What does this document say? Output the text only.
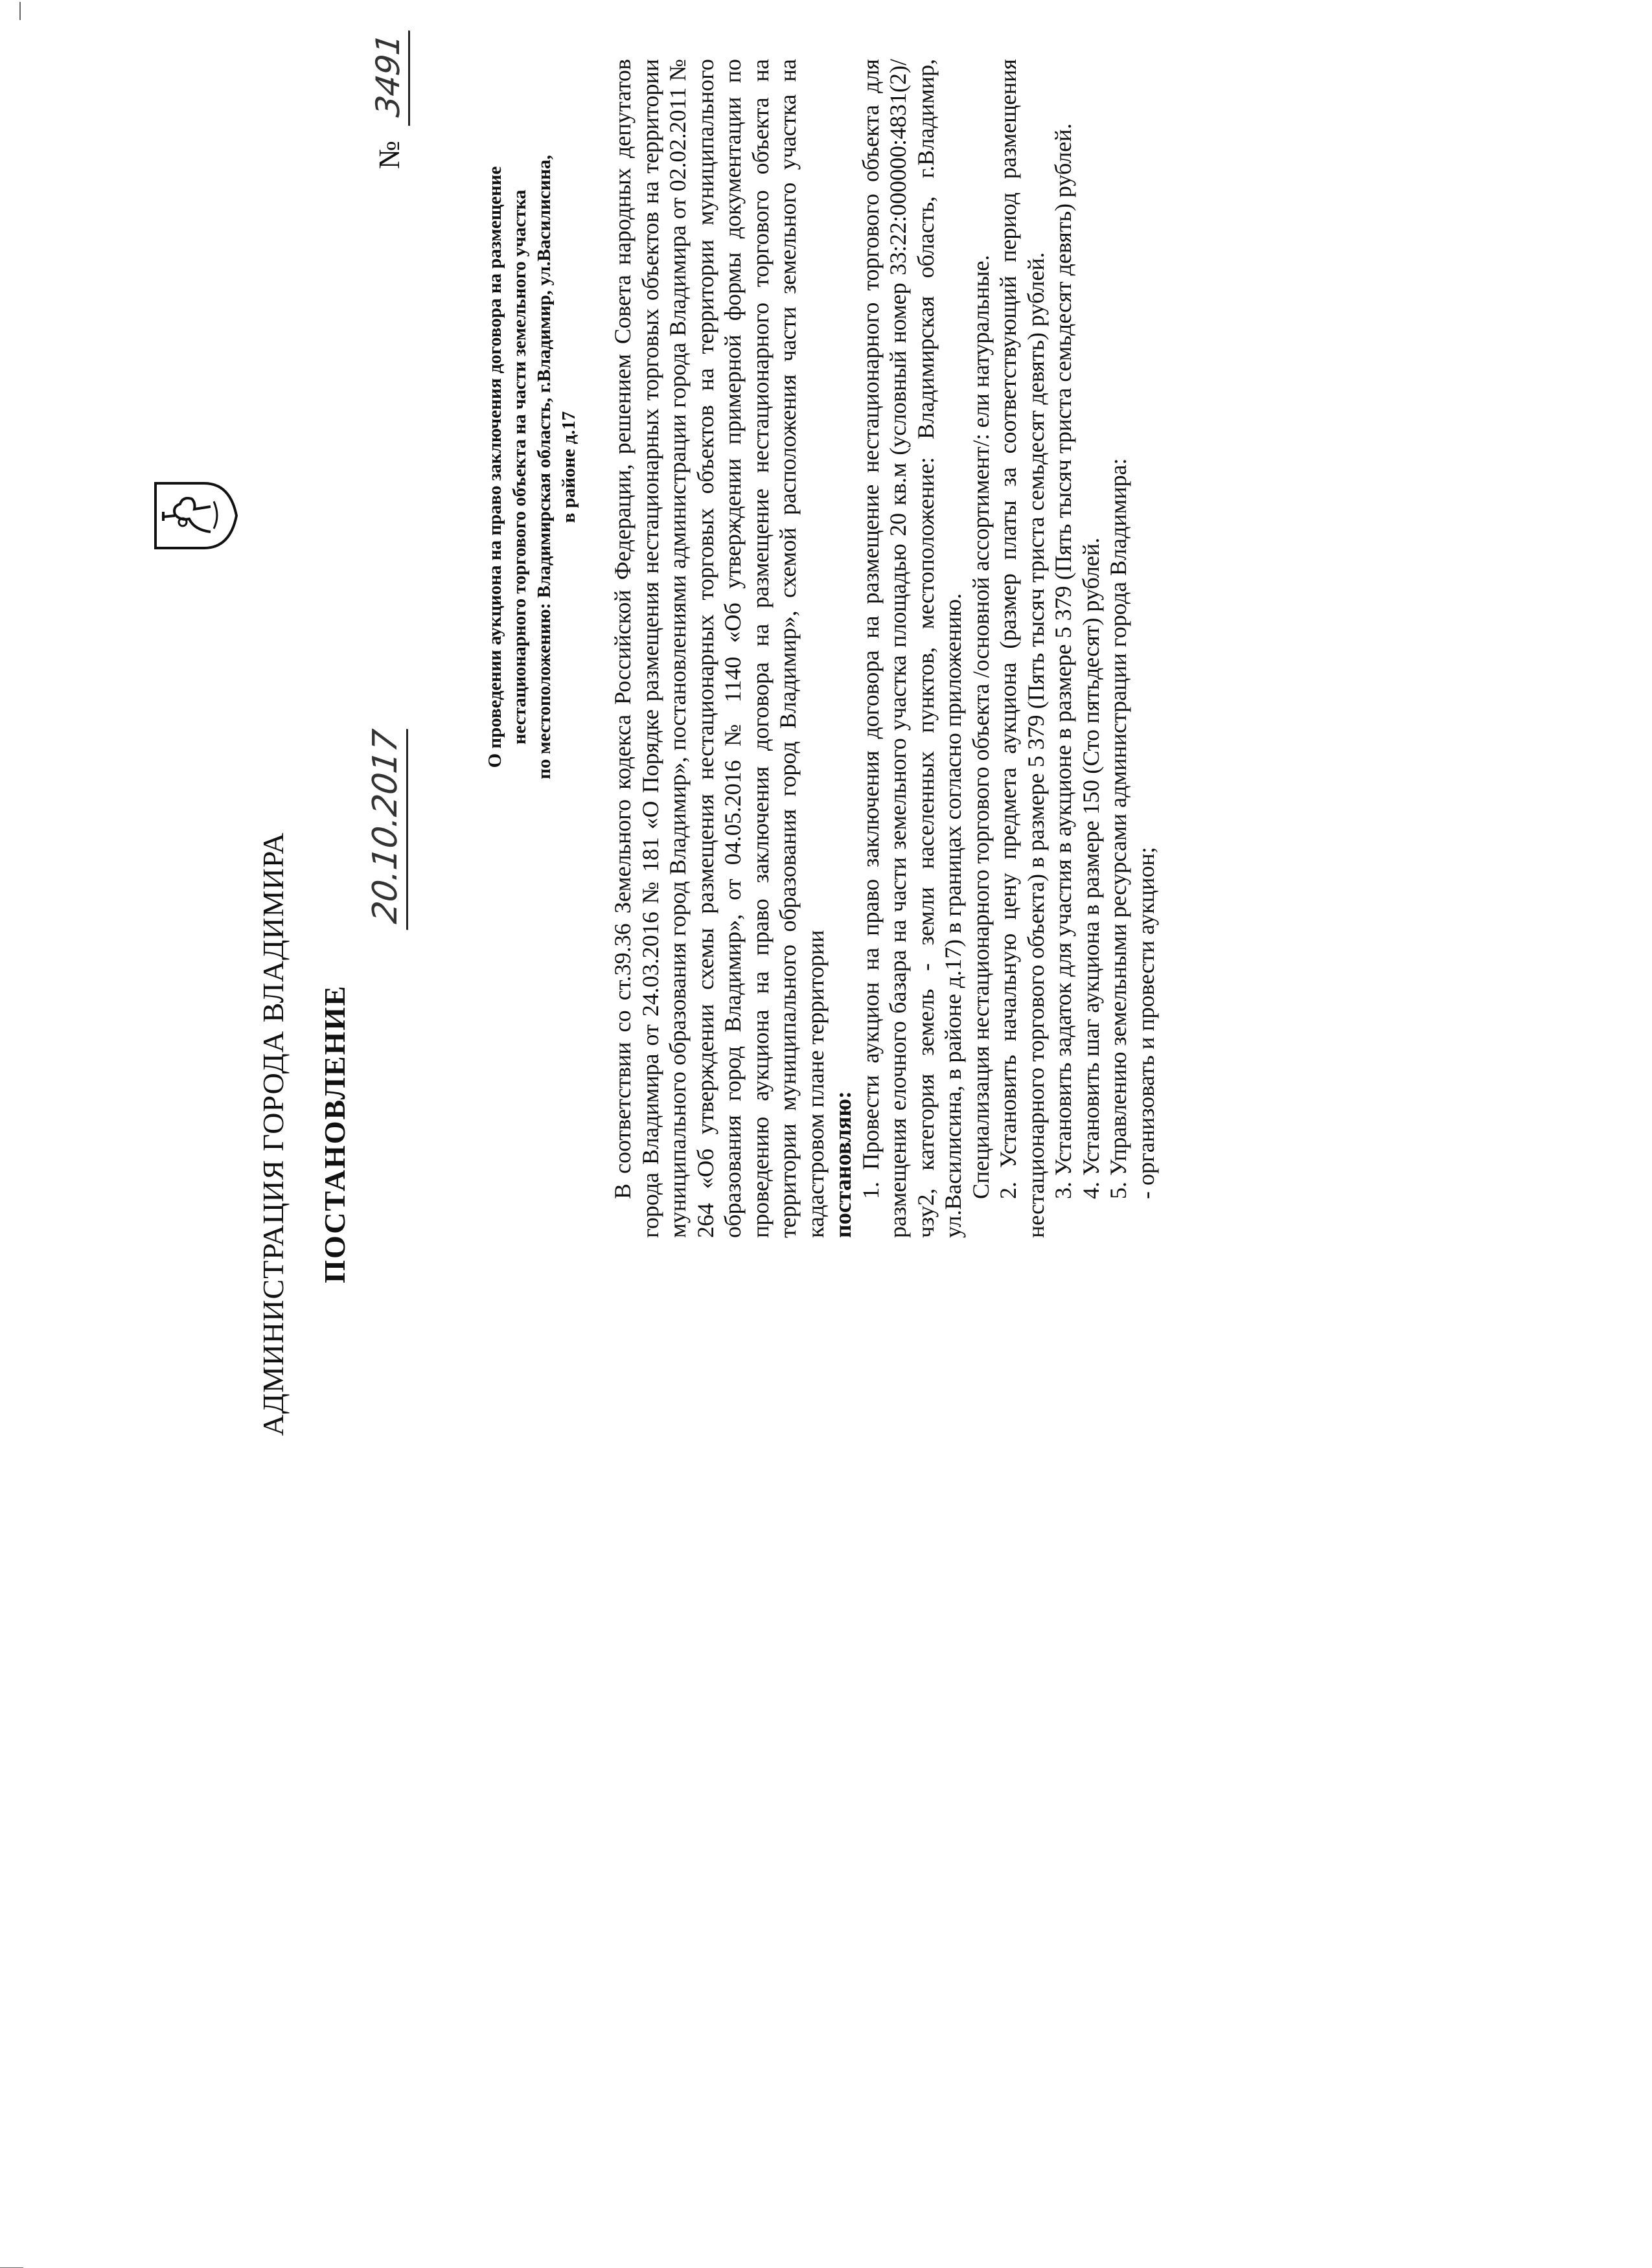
АДМИНИСТРАЦИЯ ГОРОДА ВЛАДИМИРА ПОСТАНОВЛЕНИЕ
20.10.2017
№ 3491
О проведении аукциона на право заключения договора на размещение нестационарного торгового объекта на части земельного участка по местоположению: Владимирская область, г.Владимир, ул.Василисина, в районе д.17 В соответствии со ст.39.36 Земельного кодекса Российской Федерации, решением Совета народных депутатов города Владимира от 24.03.2016 № 181 «О Порядке размещения нестационарных торговых объектов на территории муниципального образования город Владимир», постановлениями администрации города Владимира от 02.02.2011 № 264 «Об утверждении схемы размещения нестационарных торговых объектов на территории муниципального образования город Владимир», от 04.05.2016 № 1140 «Об утверждении примерной формы документации по проведению аукциона на право заключения договора на размещение нестационарного торгового объекта на территории муниципального образования город Владимир», схемой расположения части земельного участка на кадастровом плане территории постановляю: 1. Провести аукцион на право заключения договора на размещение нестационарного торгового объекта для размещения елочного базара на части земельного участка площадью 20 кв.м (условный номер 33:22:000000:4831(2)/чзу2, категория земель - земли населенных пунктов, местоположение: Владимирская область, г.Владимир, ул.Василисина, в районе д.17) в границах согласно приложению. Специализация нестационарного торгового объекта /основной ассортимент/: ели натуральные. 2. Установить начальную цену предмета аукциона (размер платы за соответствующий период размещения нестационарного торгового объекта) в размере 5 379 (Пять тысяч триста семьдесят девять) рублей. 3. Установить задаток для участия в аукционе в размере 5 379 (Пять тысяч триста семьдесят девять) рублей. 4. Установить шаг аукциона в размере 150 (Сто пятьдесят) рублей. 5. Управлению земельными ресурсами администрации города Владимира: - организовать и провести аукцион;
